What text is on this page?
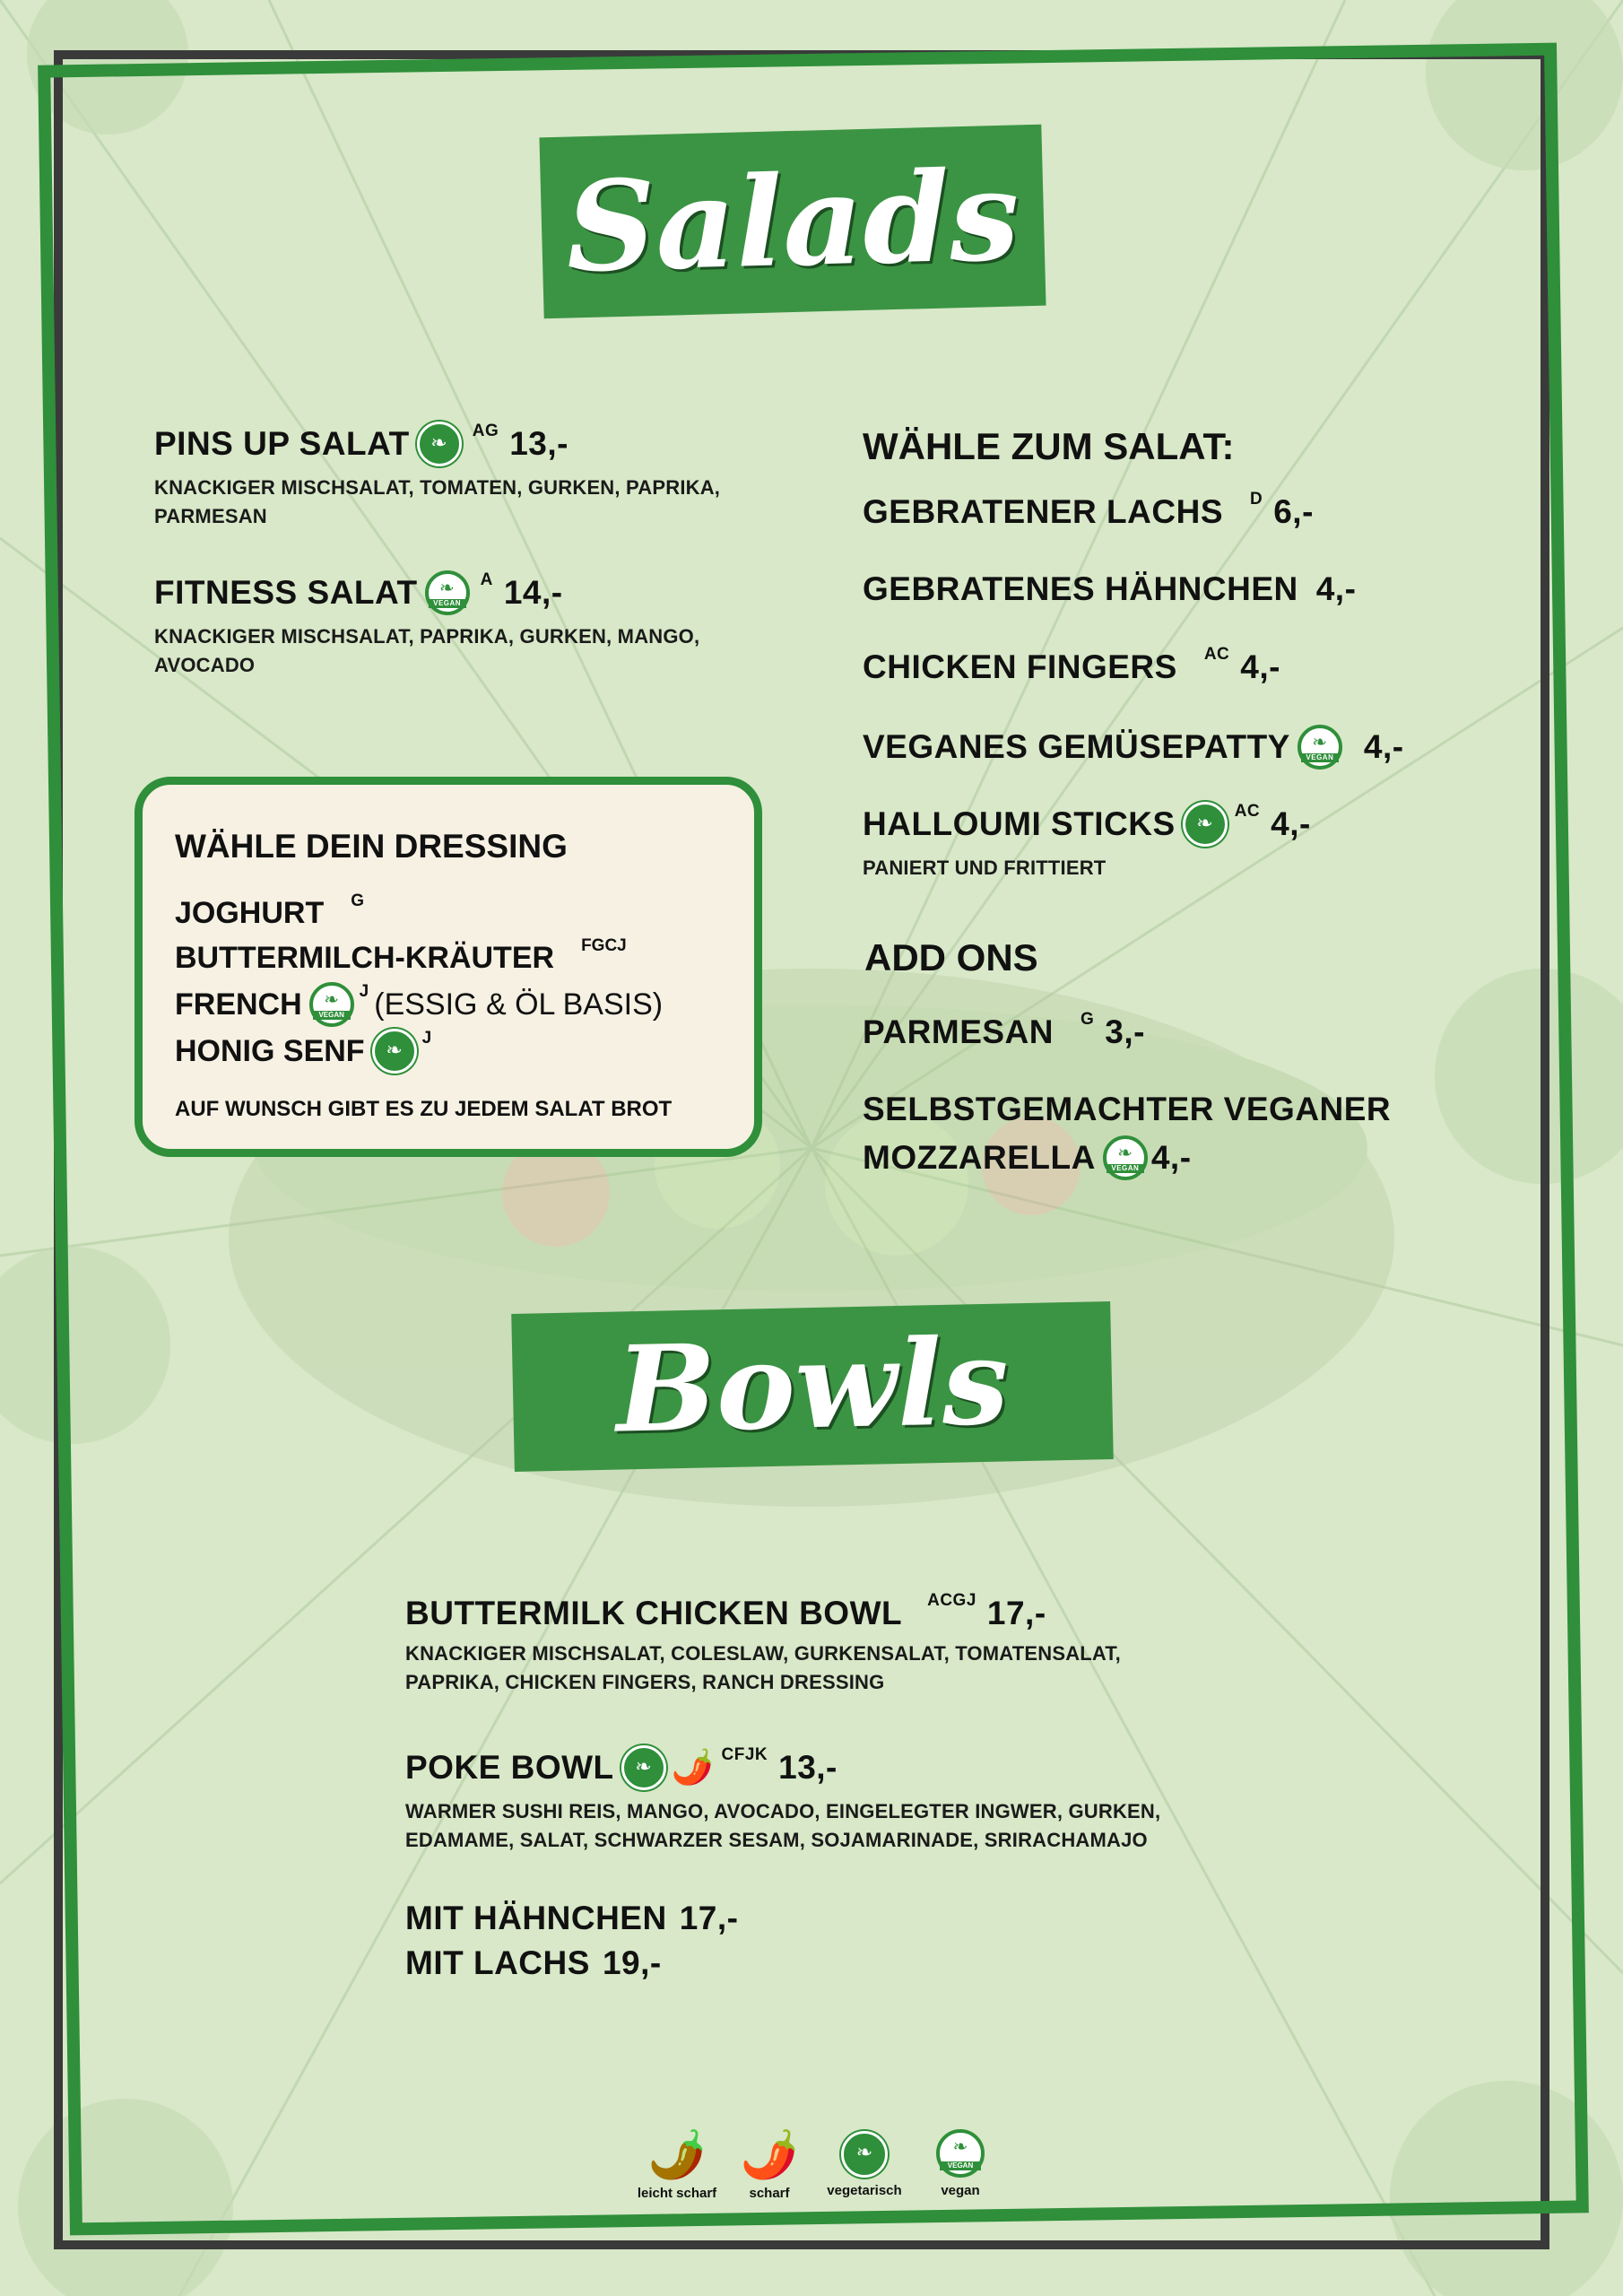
Salads
PINS UP SALAT ❧	AG 13,-
KNACKIGER MISCHSALAT, TOMATEN, GURKEN, PAPRIKA, PARMESAN
FITNESS SALAT ❧ VEGAN	A 14,-
KNACKIGER MISCHSALAT, PAPRIKA, GURKEN, MANGO, AVOCADO
WÄHLE DEIN DRESSING
JOGHURT G
BUTTERMILCH-KRÄUTER FGCJ
FRENCH ❧ VEGAN	J (ESSIG & ÖL BASIS)
HONIG SENF ❧	J
AUF WUNSCH GIBT ES ZU JEDEM SALAT BROT
WÄHLE ZUM SALAT:
GEBRATENER LACHS D 6,-
GEBRATENES HÄHNCHEN 4,-
CHICKEN FINGERS AC 4,-
VEGANES GEMÜSEPATTY ❧ VEGAN 4,-
HALLOUMI STICKS ❧	AC 4,-
PANIERT UND FRITTIERT
ADD ONS
PARMESAN G 3,-
SELBSTGEMACHTER VEGANER

MOZZARELLA ❧ VEGAN 4,-
Bowls
BUTTERMILK CHICKEN BOWL ACGJ 17,-
KNACKIGER MISCHSALAT, COLESLAW, GURKENSALAT, TOMATENSALAT, PAPRIKA, CHICKEN FINGERS, RANCH DRESSING
POKE BOWL ❧ 🌶️ CFJK 13,-
WARMER SUSHI REIS, MANGO, AVOCADO, EINGELEGTER INGWER, GURKEN, EDAMAME, SALAT, SCHWARZER SESAM, SOJAMARINADE, SRIRACHAMAJO
MIT HÄHNCHEN 17,-
MIT LACHS 19,-
🌶️
leicht scharf
🌶️
scharf
❧	vegetarisch
❧ VEGAN	vegan
